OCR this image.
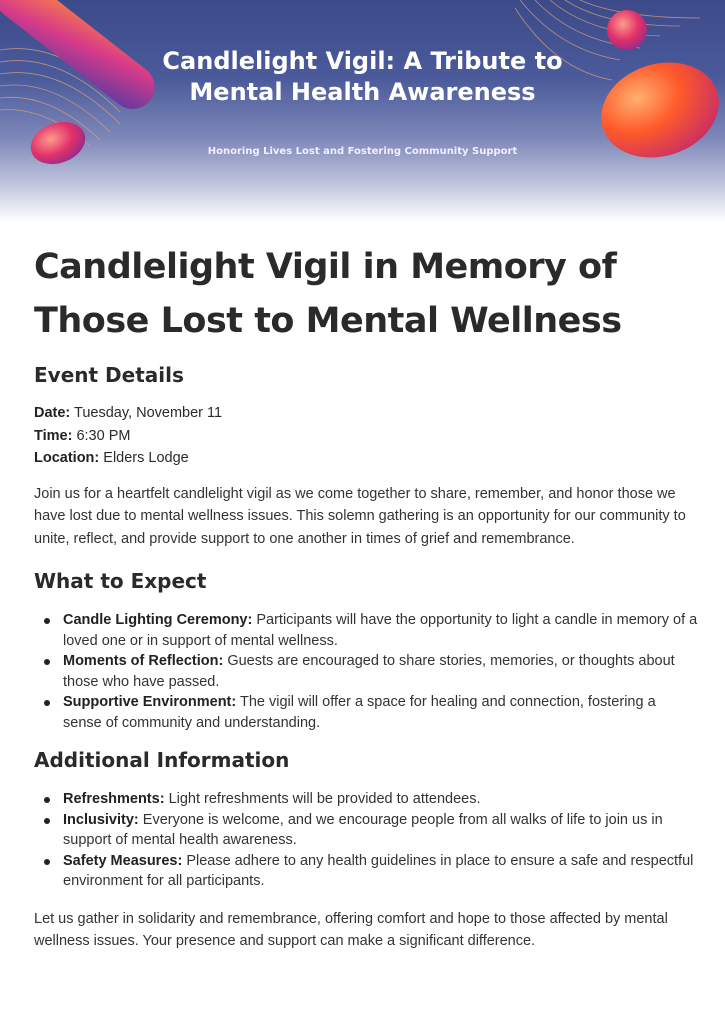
Candlelight Vigil: A Tribute to Mental Health Awareness
Honoring Lives Lost and Fostering Community Support
Candlelight Vigil in Memory of Those Lost to Mental Wellness
Event Details
Date: Tuesday, November 11
Time: 6:30 PM
Location: Elders Lodge

Join us for a heartfelt candlelight vigil as we come together to share, remember, and honor those we have lost due to mental wellness issues. This solemn gathering is an opportunity for our community to unite, reflect, and provide support to one another in times of grief and remembrance.

What to Expect
Candle Lighting Ceremony: Participants will have the opportunity to light a candle in memory of a loved one or in support of mental wellness.
Moments of Reflection: Guests are encouraged to share stories, memories, or thoughts about those who have passed.
Supportive Environment: The vigil will offer a space for healing and connection, fostering a sense of community and understanding.
Additional Information
Refreshments: Light refreshments will be provided to attendees.
Inclusivity: Everyone is welcome, and we encourage people from all walks of life to join us in support of mental health awareness.
Safety Measures: Please adhere to any health guidelines in place to ensure a safe and respectful environment for all participants.

Let us gather in solidarity and remembrance, offering comfort and hope to those affected by mental wellness issues. Your presence and support can make a significant difference.
